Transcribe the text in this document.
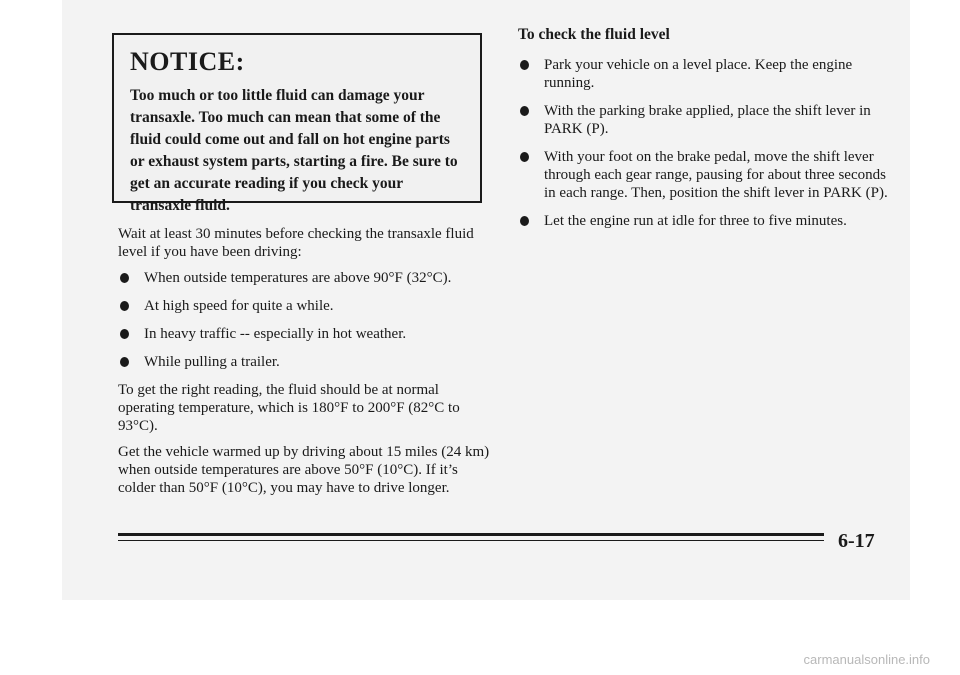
NOTICE:
Too much or too little fluid can damage your transaxle. Too much can mean that some of the fluid could come out and fall on hot engine parts or exhaust system parts, starting a fire. Be sure to get an accurate reading if you check your transaxle fluid.

Wait at least 30 minutes before checking the transaxle fluid level if you have been driving:

When outside temperatures are above 90°F (32°C).
At high speed for quite a while.
In heavy traffic -- especially in hot weather.
While pulling a trailer.

To get the right reading, the fluid should be at normal operating temperature, which is 180°F to 200°F (82°C to 93°C).

Get the vehicle warmed up by driving about 15 miles (24 km) when outside temperatures are above 50°F (10°C). If it’s colder than 50°F (10°C), you may have to drive longer.

To check the fluid level

Park your vehicle on a level place. Keep the engine running.
With the parking brake applied, place the shift lever in PARK (P).
With your foot on the brake pedal, move the shift lever through each gear range, pausing for about three seconds in each range. Then, position the shift lever in PARK (P).
Let the engine run at idle for three to five minutes.
6-17
carmanualsonline.info
